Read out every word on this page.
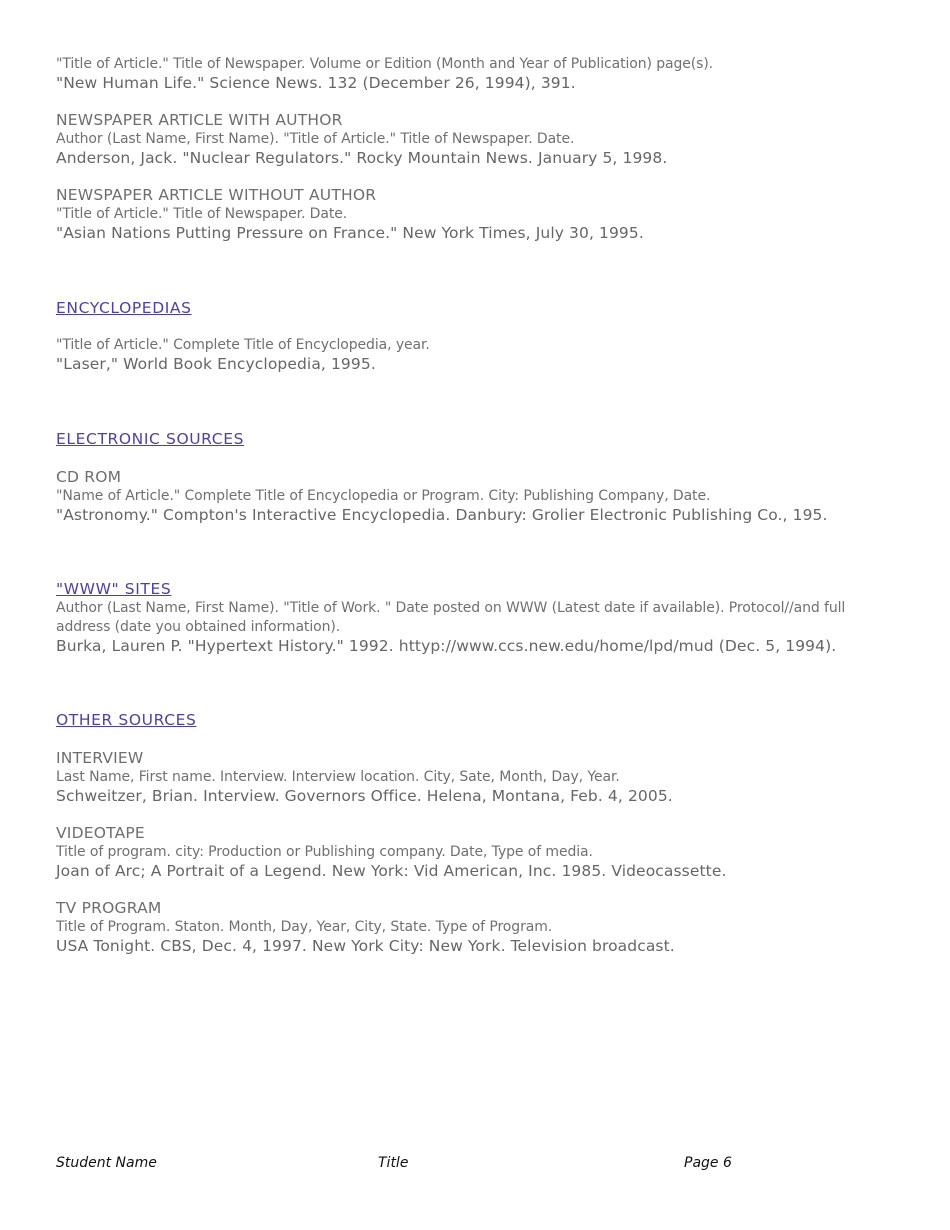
"Title of Article." Title of Newspaper. Volume or Edition (Month and Year of Publication) page(s).
"New Human Life." Science News. 132 (December 26, 1994), 391.
NEWSPAPER ARTICLE WITH AUTHOR
Author (Last Name, First Name). "Title of Article." Title of Newspaper. Date.
Anderson, Jack. "Nuclear Regulators." Rocky Mountain News. January 5, 1998.
NEWSPAPER ARTICLE WITHOUT AUTHOR
"Title of Article." Title of Newspaper. Date.
"Asian Nations Putting Pressure on France." New York Times, July 30, 1995.
ENCYCLOPEDIAS
"Title of Article." Complete Title of Encyclopedia, year.
"Laser," World Book Encyclopedia, 1995.
ELECTRONIC SOURCES
CD ROM
"Name of Article." Complete Title of Encyclopedia or Program. City: Publishing Company, Date.
"Astronomy." Compton's Interactive Encyclopedia. Danbury: Grolier Electronic Publishing Co., 195.
"WWW" SITES
Author (Last Name, First Name). "Title of Work. " Date posted on WWW (Latest date if available). Protocol//and full address (date you obtained information).
Burka, Lauren P. "Hypertext History." 1992. httyp://www.ccs.new.edu/home/lpd/mud (Dec. 5, 1994).
OTHER SOURCES
INTERVIEW
Last Name, First name. Interview. Interview location. City, Sate, Month, Day, Year.
Schweitzer, Brian. Interview. Governors Office. Helena, Montana, Feb. 4, 2005.
VIDEOTAPE
Title of program. city: Production or Publishing company. Date, Type of media.
Joan of Arc; A Portrait of a Legend. New York: Vid American, Inc. 1985. Videocassette.
TV PROGRAM
Title of Program. Staton. Month, Day, Year, City, State. Type of Program.
USA Tonight. CBS, Dec. 4, 1997. New York City: New York. Television broadcast.
Student Name	Title	Page 6
